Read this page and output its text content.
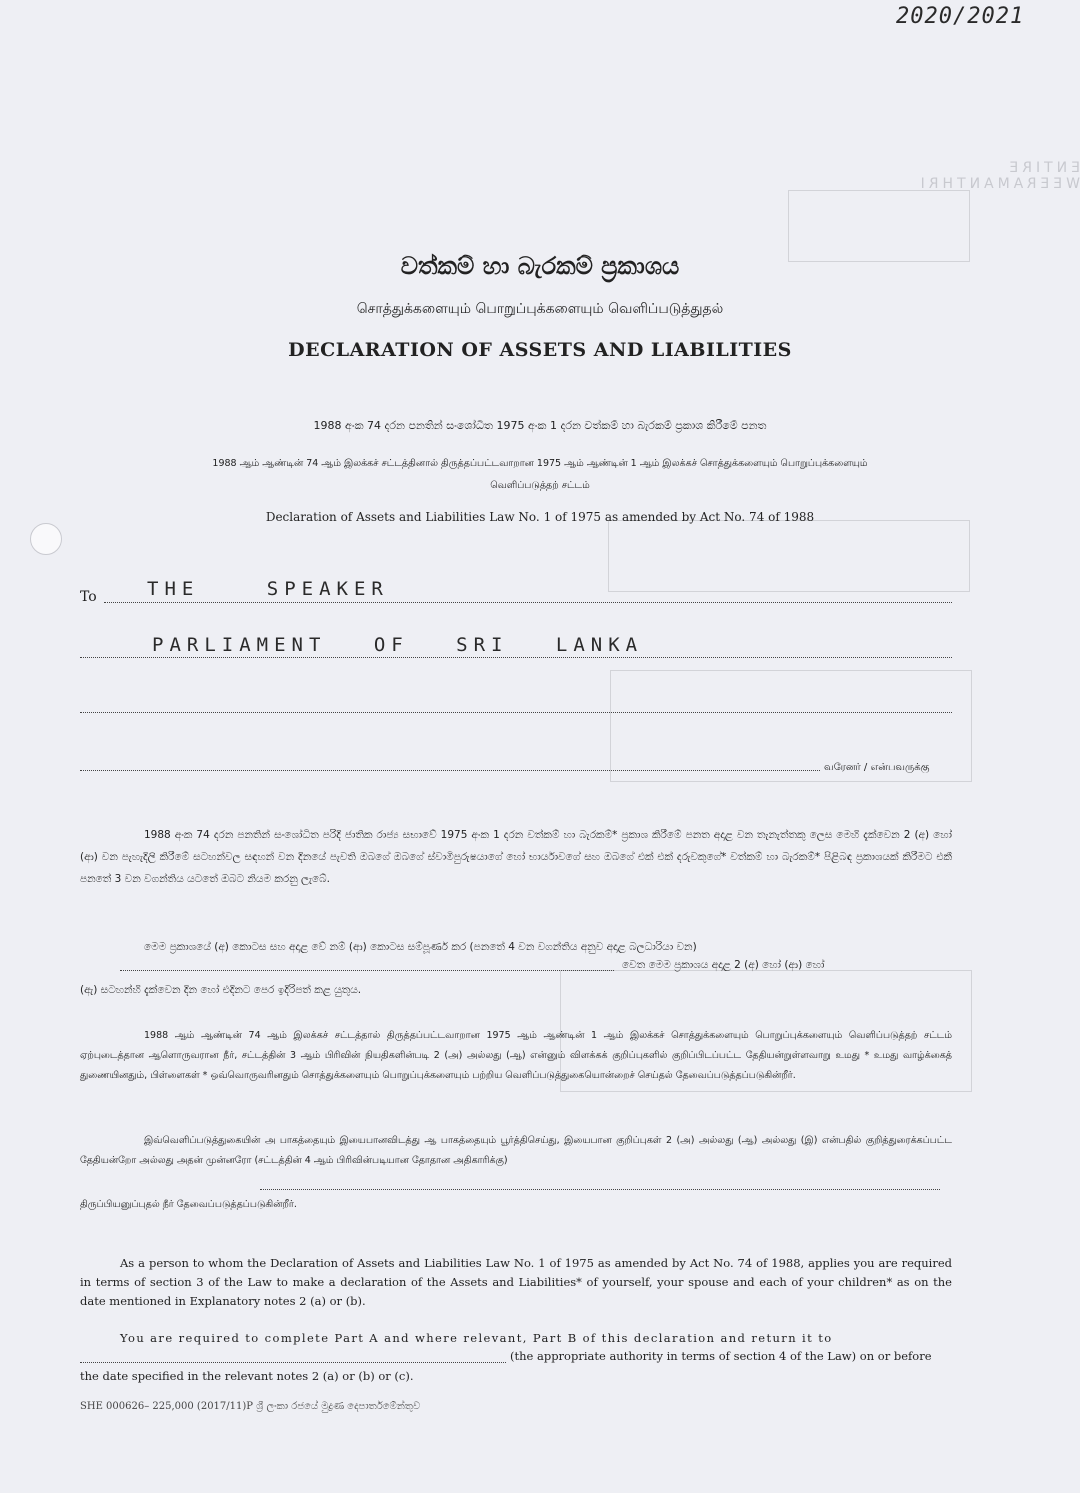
ENTIRE WEERAMANTHRI
2020/2021
වත්කම් හා බැරකම් ප්‍රකාශය
சொத்துக்களையும் பொறுப்புக்களையும் வெளிப்படுத்துதல்
DECLARATION OF ASSETS AND LIABILITIES
1988 අංක 74 දරන පනතින් සංශෝධිත 1975 අංක 1 දරන වත්කම් හා බැරකම් ප්‍රකාශ කිරීමේ පනත
1988 ஆம் ஆண்டின் 74 ஆம் இலக்கச் சட்டத்தினால் திருத்தப்பட்டவாறான 1975 ஆம் ஆண்டின் 1 ஆம் இலக்கச் சொத்துக்களையும் பொறுப்புக்களையும்
வெளிப்படுத்தற் சட்டம்
Declaration of Assets and Liabilities Law No. 1 of 1975 as amended by Act No. 74 of 1988
To	THE SPEAKER
PARLIAMENT OF SRI LANKA
வரேனர் / என்பவருக்கு

1988 අංක 74 දරන පනතින් සංශෝධිත පරිදි ජාතික රාජ්‍ය සභාවේ 1975 අංක 1 දරන වත්කම් හා බැරකම්* ප්‍රකාශ කිරීමේ පනත අදාළ වන තැනැත්තකු ලෙස මෙහි දැක්වෙන 2 (අ) හෝ (ආ) වන පැහැදිලි කිරීමේ සටහන්වල සඳහන් වන දිනයේ පැවති ඔබගේ ඔබගේ ස්වාමිපුරුෂයාගේ හෝ භාර්යාවගේ සහ ඔබගේ එක් එක් දරුවකුගේ* වත්කම් හා බැරකම්* පිළිබඳ ප්‍රකාශයක් කිරීමට එකී පනතේ 3 වන වගන්තිය යටතේ ඔබට නියම කරනු ලැබේ.

මෙම ප්‍රකාශයේ (අ) කොටස සහ අදාළ වේ නම් (ආ) කොටස සම්පූර්ණ කර (පනතේ 4 වන වගන්තිය අනුව අදාළ බලධාරියා වන)

වෙත මෙම ප්‍රකාශය අදාළ 2 (අ) හෝ (ආ) හෝ
(ඇ) සටහන්හි දැක්වෙන දින හෝ එදිනට පෙර ඉදිරිපත් කළ යුතුය.

1988 ஆம் ஆண்டின் 74 ஆம் இலக்கச் சட்டத்தால் திருத்தப்பட்டவாறான 1975 ஆம் ஆண்டின் 1 ஆம் இலக்கச் சொத்துக்களையும் பொறுப்புக்களையும் வெளிப்படுத்தற் சட்டம் ஏற்புடைத்தான ஆளொருவரான நீர், சட்டத்தின் 3 ஆம் பிரிவின் நியதிகளின்படி 2 (அ) அல்லது (ஆ) என்னும் விளக்கக் குறிப்புகளில் குறிப்பிடப்பட்ட தேதியன்றுள்ளவாறு உமது * உமது வாழ்க்கைத் துணையினதும், பிள்ளைகள் * ஒவ்வொருவரினதும் சொத்துக்களையும் பொறுப்புக்களையும் பற்றிய வெளிப்படுத்துகையொன்றைச் செய்தல் தேவைப்படுத்தப்படுகின்றீர்.

இவ்வெளிப்படுத்துகையின் அ பாகத்தையும் இயைபானவிடத்து ஆ பாகத்தையும் பூர்த்திசெய்து, இயைபான குறிப்புகள் 2 (அ) அல்லது (ஆ) அல்லது (இ) என்பதில் குறித்துரைக்கப்பட்ட தேதியன்றோ அல்லது அதன் முன்னரோ (சட்டத்தின் 4 ஆம் பிரிவின்படியான தோதான அதிகாரிக்கு)

திருப்பியனுப்புதல் நீர் தேவைப்படுத்தப்படுகின்றீர்.

As a person to whom the Declaration of Assets and Liabilities Law No. 1 of 1975 as amended by Act No. 74 of 1988, applies you are required in terms of section 3 of the Law to make a declaration of the Assets and Liabilities* of yourself, your spouse and each of your children* as on the date mentioned in Explanatory notes 2 (a) or (b).

You are required to complete Part A and where relevant, Part B of this declaration and return it to

(the appropriate authority in terms of section 4 of the Law) on or before
the date specified in the relevant notes 2 (a) or (b) or (c).
SHE 000626– 225,000 (2017/11)P ශ්‍රී ලංකා රජයේ මුද්‍රණ දෙපාර්තමේන්තුව
